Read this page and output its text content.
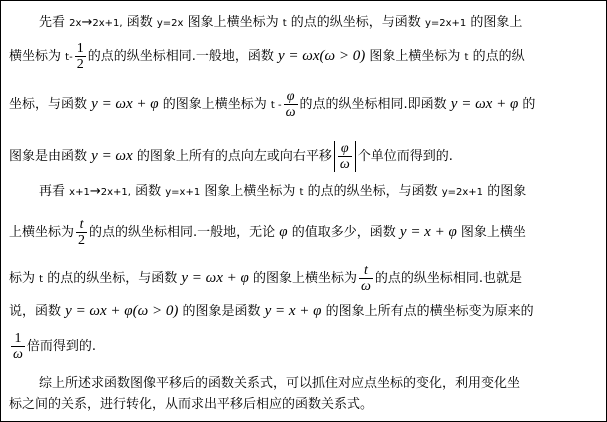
先看 2x→2x+1, 函数 y=2x 图象上横坐标为 t 的点的纵坐标，与函数 y=2x+1 的图象上
横坐标为 $t- \frac{1}{2}$ 的点的纵坐标相同.一般地，函数 y = ωx(ω > 0) 图象上横坐标为 t 的点的纵
坐标，与函数 y = ωx + φ 的图象上横坐标为 t - $\frac{\varphi}{\omega}$ 的点的纵坐标相同.即函数 y = ωx + φ 的
图象是由函数 y = ωx 的图象上所有的点向左或向右平移 $\frac{\varphi}{\omega}$ 个单位而得到的.
再看 x+1→2x+1, 函数 y=x+1 图象上横坐标为 t 的点的纵坐标，与函数 y=2x+1 的图象
上横坐标为 $\frac{t}{2}$ 的点的纵坐标相同.一般地，无论 φ 的值取多少，函数 y = x + φ 图象上横坐
标为 t 的点的纵坐标，与函数 y = ωx + φ 的图象上横坐标为 $\frac{t}{\omega}$ 的点的纵坐标相同.也就是
说，函数 y = ωx + φ(ω > 0) 的图象是函数 y = x + φ 的图象上所有点的横坐标变为原来的
$\frac{1}{\omega}$ 倍而得到的.
综上所述求函数图像平移后的函数关系式，可以抓住对应点坐标的变化，利用变化坐
标之间的关系，进行转化，从而求出平移后相应的函数关系式。
